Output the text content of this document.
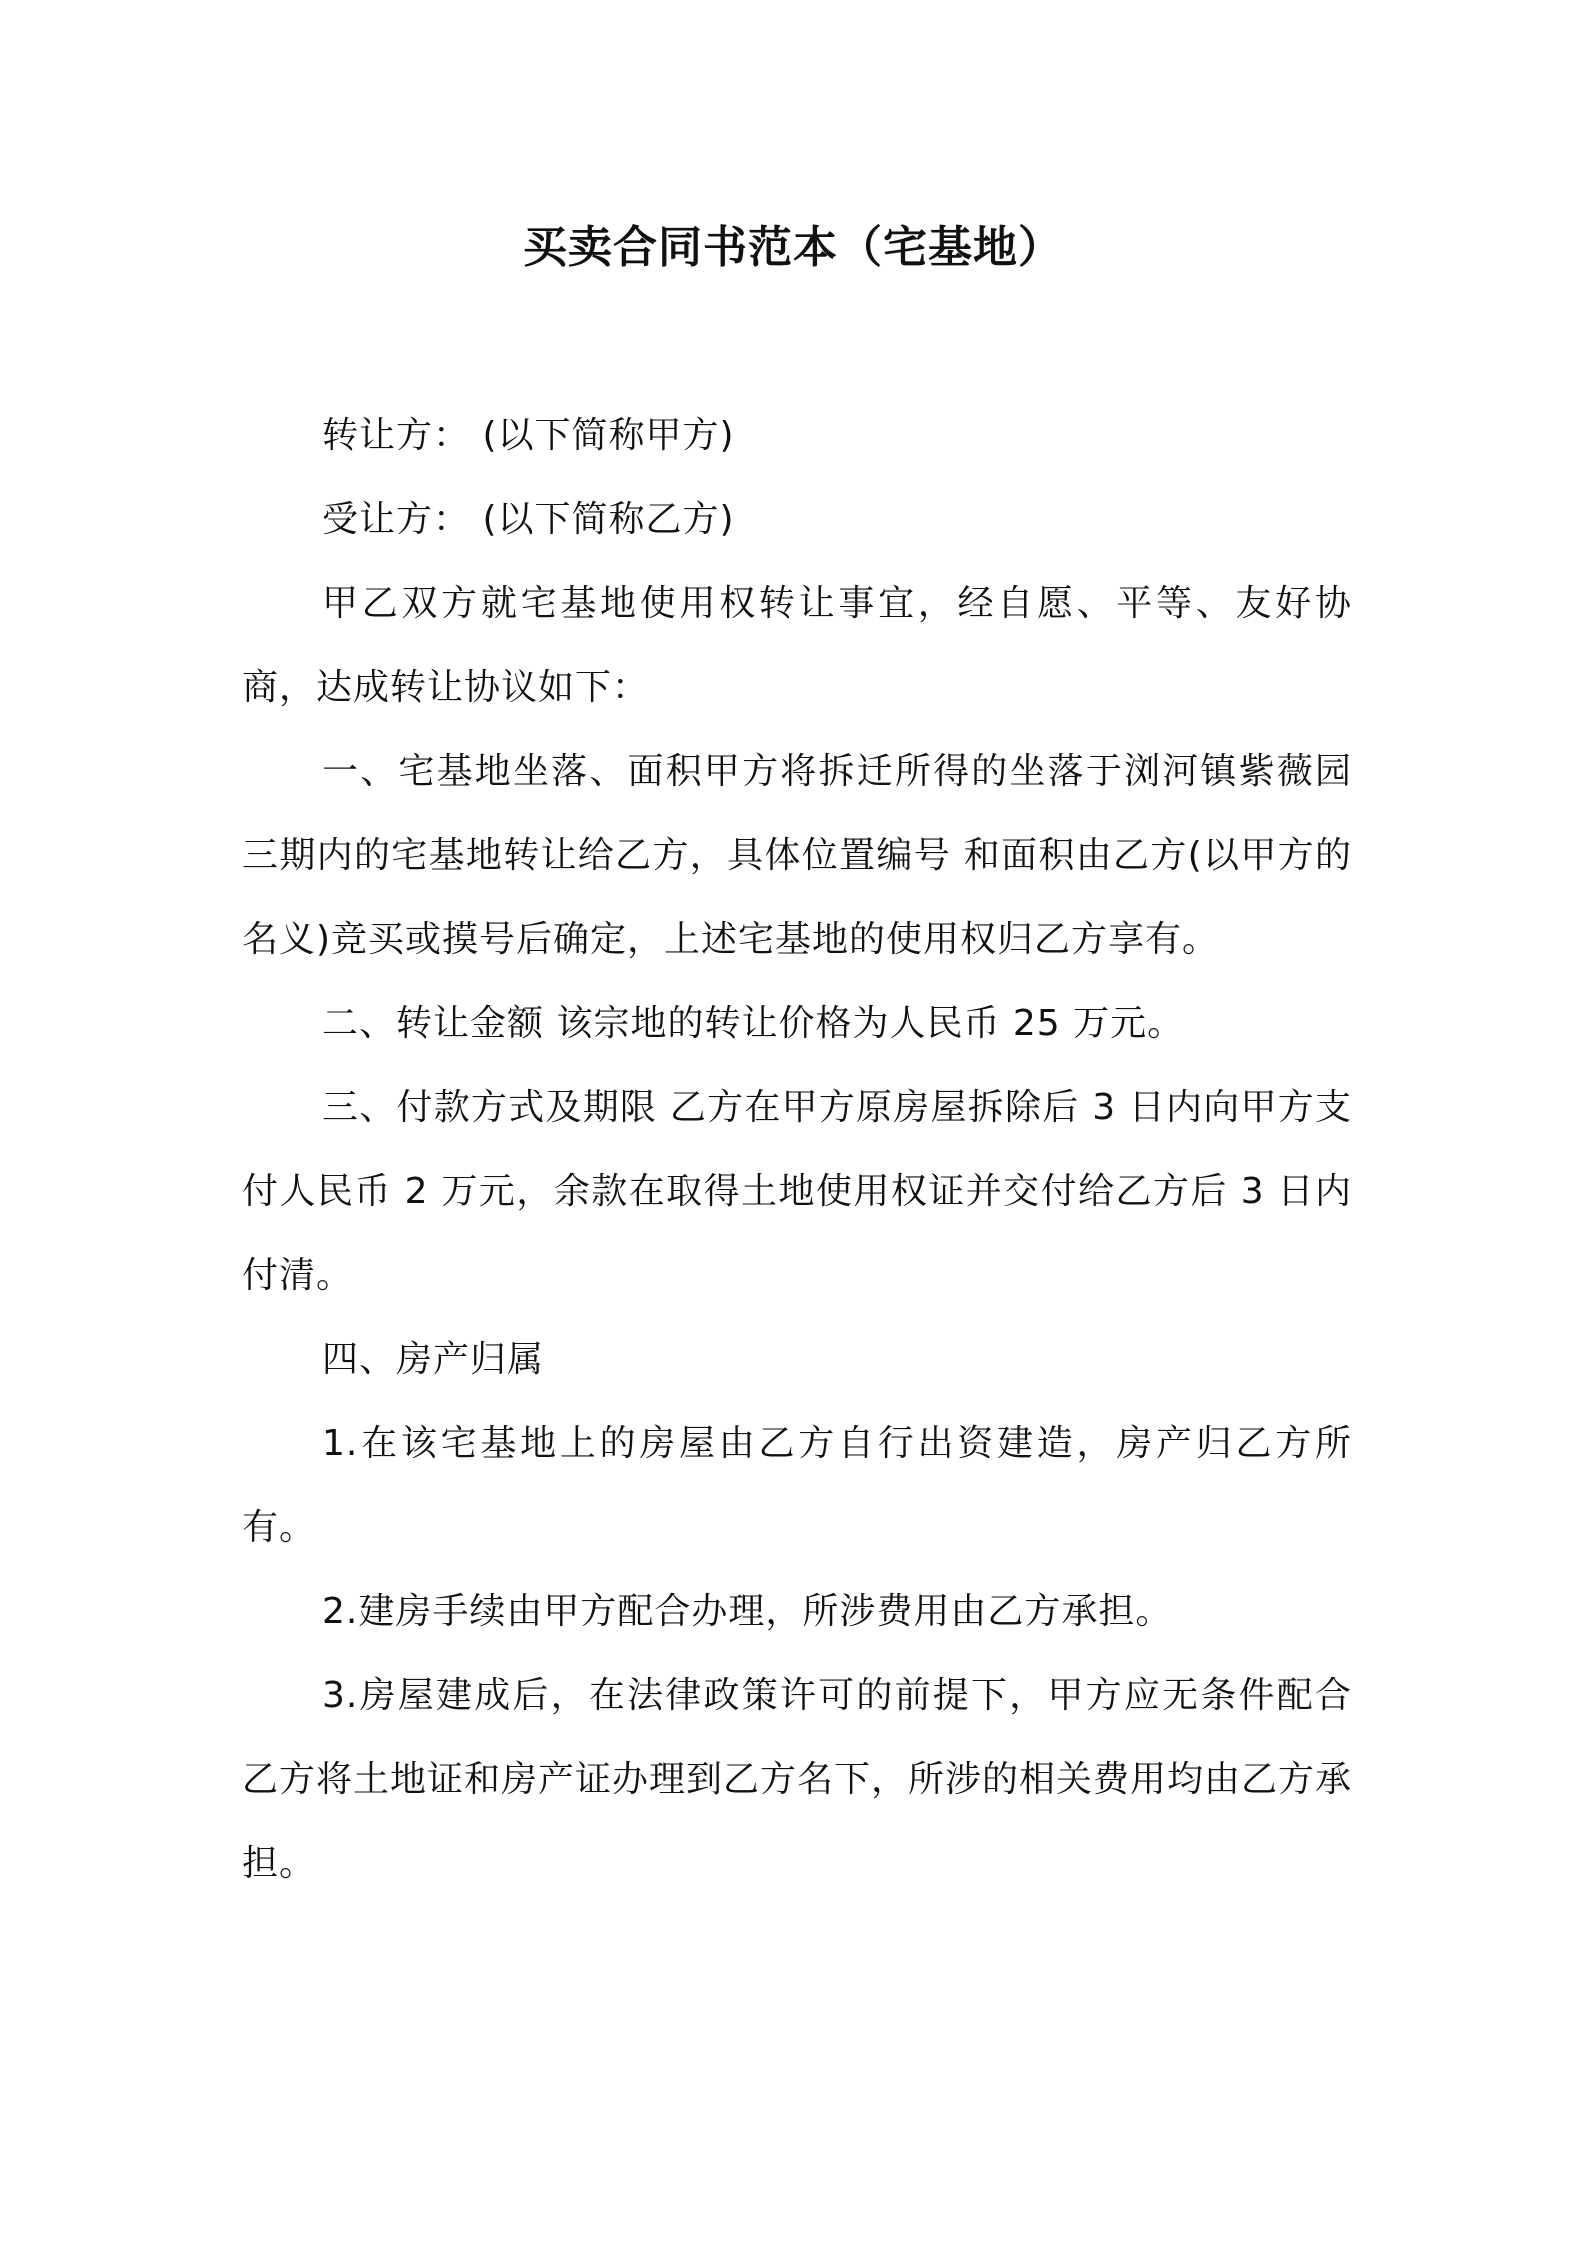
买卖合同书范本（宅基地）

转让方： (以下简称甲方)

受让方： (以下简称乙方)

甲乙双方就宅基地使用权转让事宜，经自愿、平等、友好协商，达成转让协议如下：

一、宅基地坐落、面积甲方将拆迁所得的坐落于浏河镇紫薇园三期内的宅基地转让给乙方，具体位置编号 和面积由乙方(以甲方的名义)竞买或摸号后确定，上述宅基地的使用权归乙方享有。

二、转让金额 该宗地的转让价格为人民币 25 万元。

三、付款方式及期限 乙方在甲方原房屋拆除后 3 日内向甲方支付人民币 2 万元，余款在取得土地使用权证并交付给乙方后 3 日内付清。

四、房产归属

1.在该宅基地上的房屋由乙方自行出资建造，房产归乙方所有。

2.建房手续由甲方配合办理，所涉费用由乙方承担。

3.房屋建成后，在法律政策许可的前提下，甲方应无条件配合乙方将土地证和房产证办理到乙方名下，所涉的相关费用均由乙方承担。
